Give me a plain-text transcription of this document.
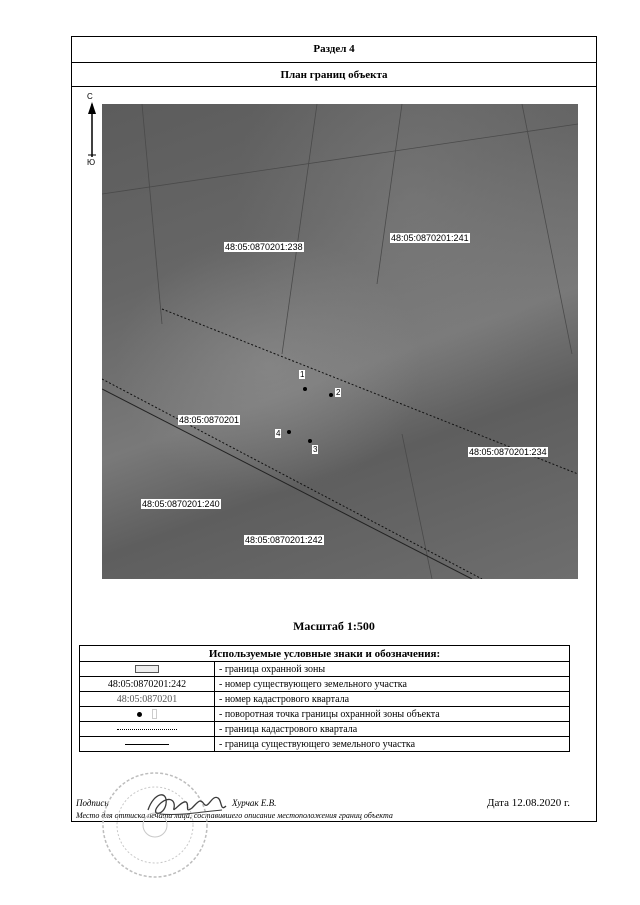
Раздел 4
План границ объекта
С
Ю
48:05:0870201:238
48:05:0870201:241
48:05:0870201
48:05:0870201:234
48:05:0870201:240
48:05:0870201:242
1
2
3
4
Масштаб 1:500
Используемые условные знаки и обозначения:	
	- граница охранной зоны
48:05:0870201:242	- номер существующего земельного участка
48:05:0870201	- номер кадастрового квартала
	- поворотная точка границы охранной зоны объекта
	- граница кадастрового квартала
	- граница существующего земельного участка
Подпись	Хурчак Е.В.	Дата 12.08.2020 г.
Место для оттиска печати лица, составившего описание местоположения границ объекта
